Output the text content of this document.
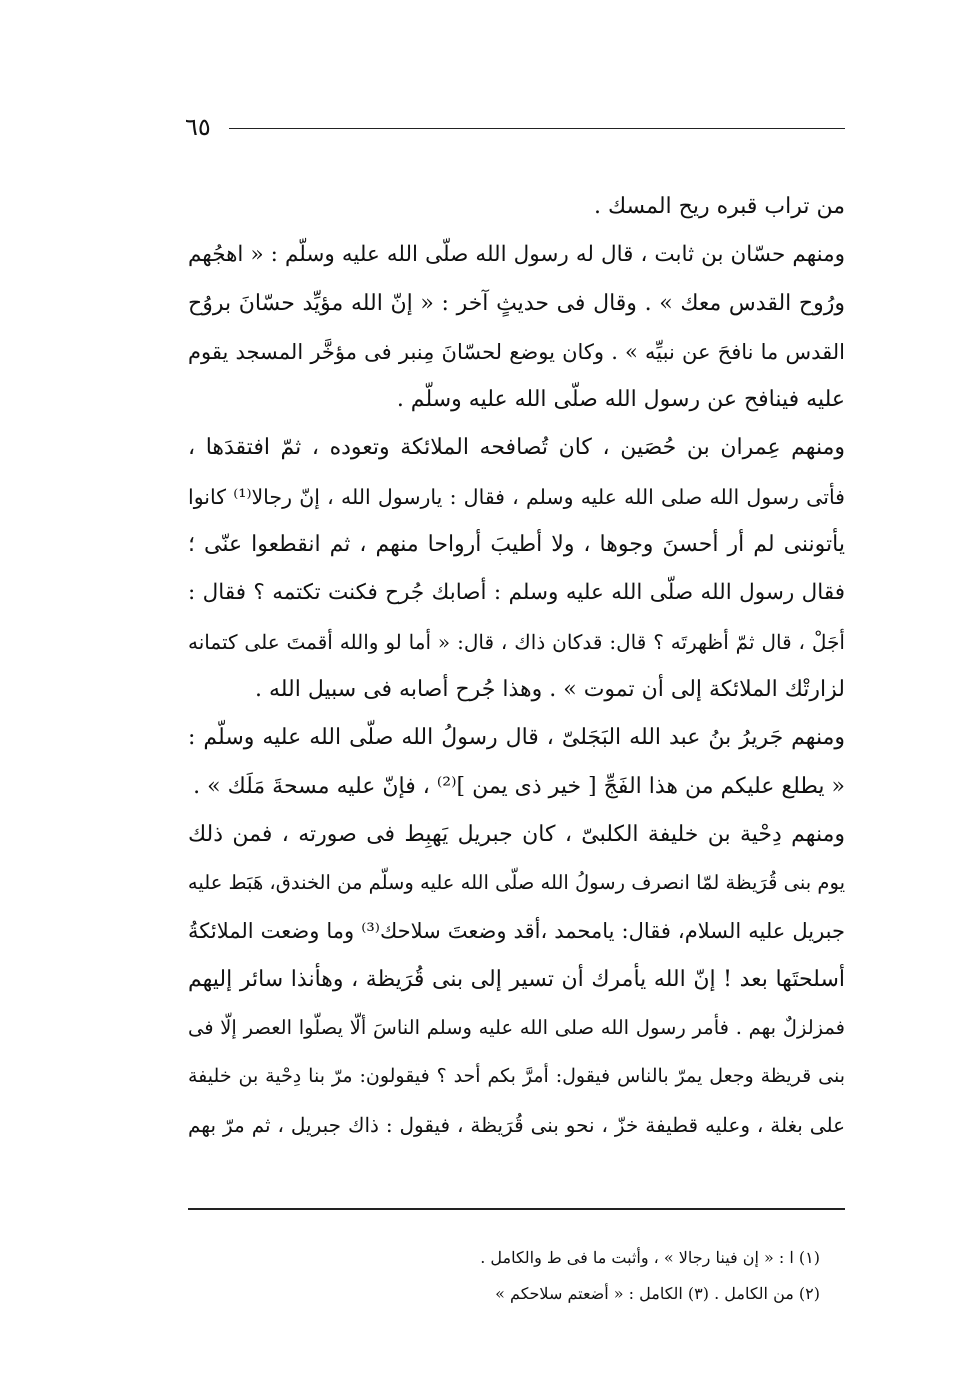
٦٥
من تراب قبره ريح المسك .
ومنهم حسّان بن ثابت ، قال له رسول الله صلّى الله عليه وسلّم : « اهجُهم
ورُوح القدس معك » . وقال فى حديثٍ آخر : « إنّ الله مؤيِّد حسّانَ بروُح
القدس ما نافحَ عن نبيِّه » . وكان يوضع لحسّانَ مِنبر فى مؤخَّر المسجد يقوم
عليه فينافح عن رسول الله صلّى الله عليه وسلّم .
ومنهم عِمران بن حُصَين ، كان تُصافحه الملائكة وتعوده ، ثمّ افتقدَها ،
فأتى رسول الله صلى الله عليه وسلم ، فقال : يارسول الله ، إنّ رجالا⁽¹⁾ كانوا
يأتوننى لم أر أحسنَ وجوها ، ولا أطيبَ أرواحا منهم ، ثم انقطعوا عنّى ؛
فقال رسول الله صلّى الله عليه وسلم : أصابك جُرح فكنت تكتمه ؟ فقال :
أجَلْ ، قال ثمّ أظهرتَه ؟ قال: قدكان ذاك ، قال: « أما لو والله أقمتَ على كتمانه
لزارتْك الملائكة إلى أن تموت » . وهذا جُرح أصابه فى سبيل الله .
ومنهم جَريرُ بنُ عبد الله البَجَلىّ ، قال رسولُ الله صلّى الله عليه وسلّم :
« يطلع عليكم من هذا الفَجِّ [ خير ذى يمن ]⁽²⁾ ، فإنّ عليه مسحةَ مَلَك » .
ومنهم دِحْية بن خليفة الكلبىّ ، كان جبريل يَهبِط فى صورته ، فمن ذلك
يوم بنى قُرَيظة لمّا انصرف رسولُ الله صلّى الله عليه وسلّم من الخندق، هَبَط عليه
جبريل عليه السلام، فقال: يامحمد ،أقد وضعتَ سلاحك⁽³⁾ وما وضعت الملائكةُ
أسلحتَها بعد ! إنّ الله يأمرك أن تسير إلى بنى قُرَيظة ، وهأنذا سائر إليهم
فمزلزلٌ بهم . فأمر رسول الله صلى الله عليه وسلم الناسَ ألّا يصلّوا العصر إلّا فى
بنى قريظة وجعل يمرّ بالناس فيقول: أمرَّ بكم أحد ؟ فيقولون: مرّ بنا دِحْية بن خليفة
على بغلة ، وعليه قطيفة خزّ ، نحو بنى قُرَيظة ، فيقول : ذاك جبريل ، ثم مرّ بهم
(١) ا : « إن فينا رجالا » ، وأثبت ما فى ط والكامل .
(٢) من الكامل . (٣) الكامل : « أضعتم سلاحكم »
